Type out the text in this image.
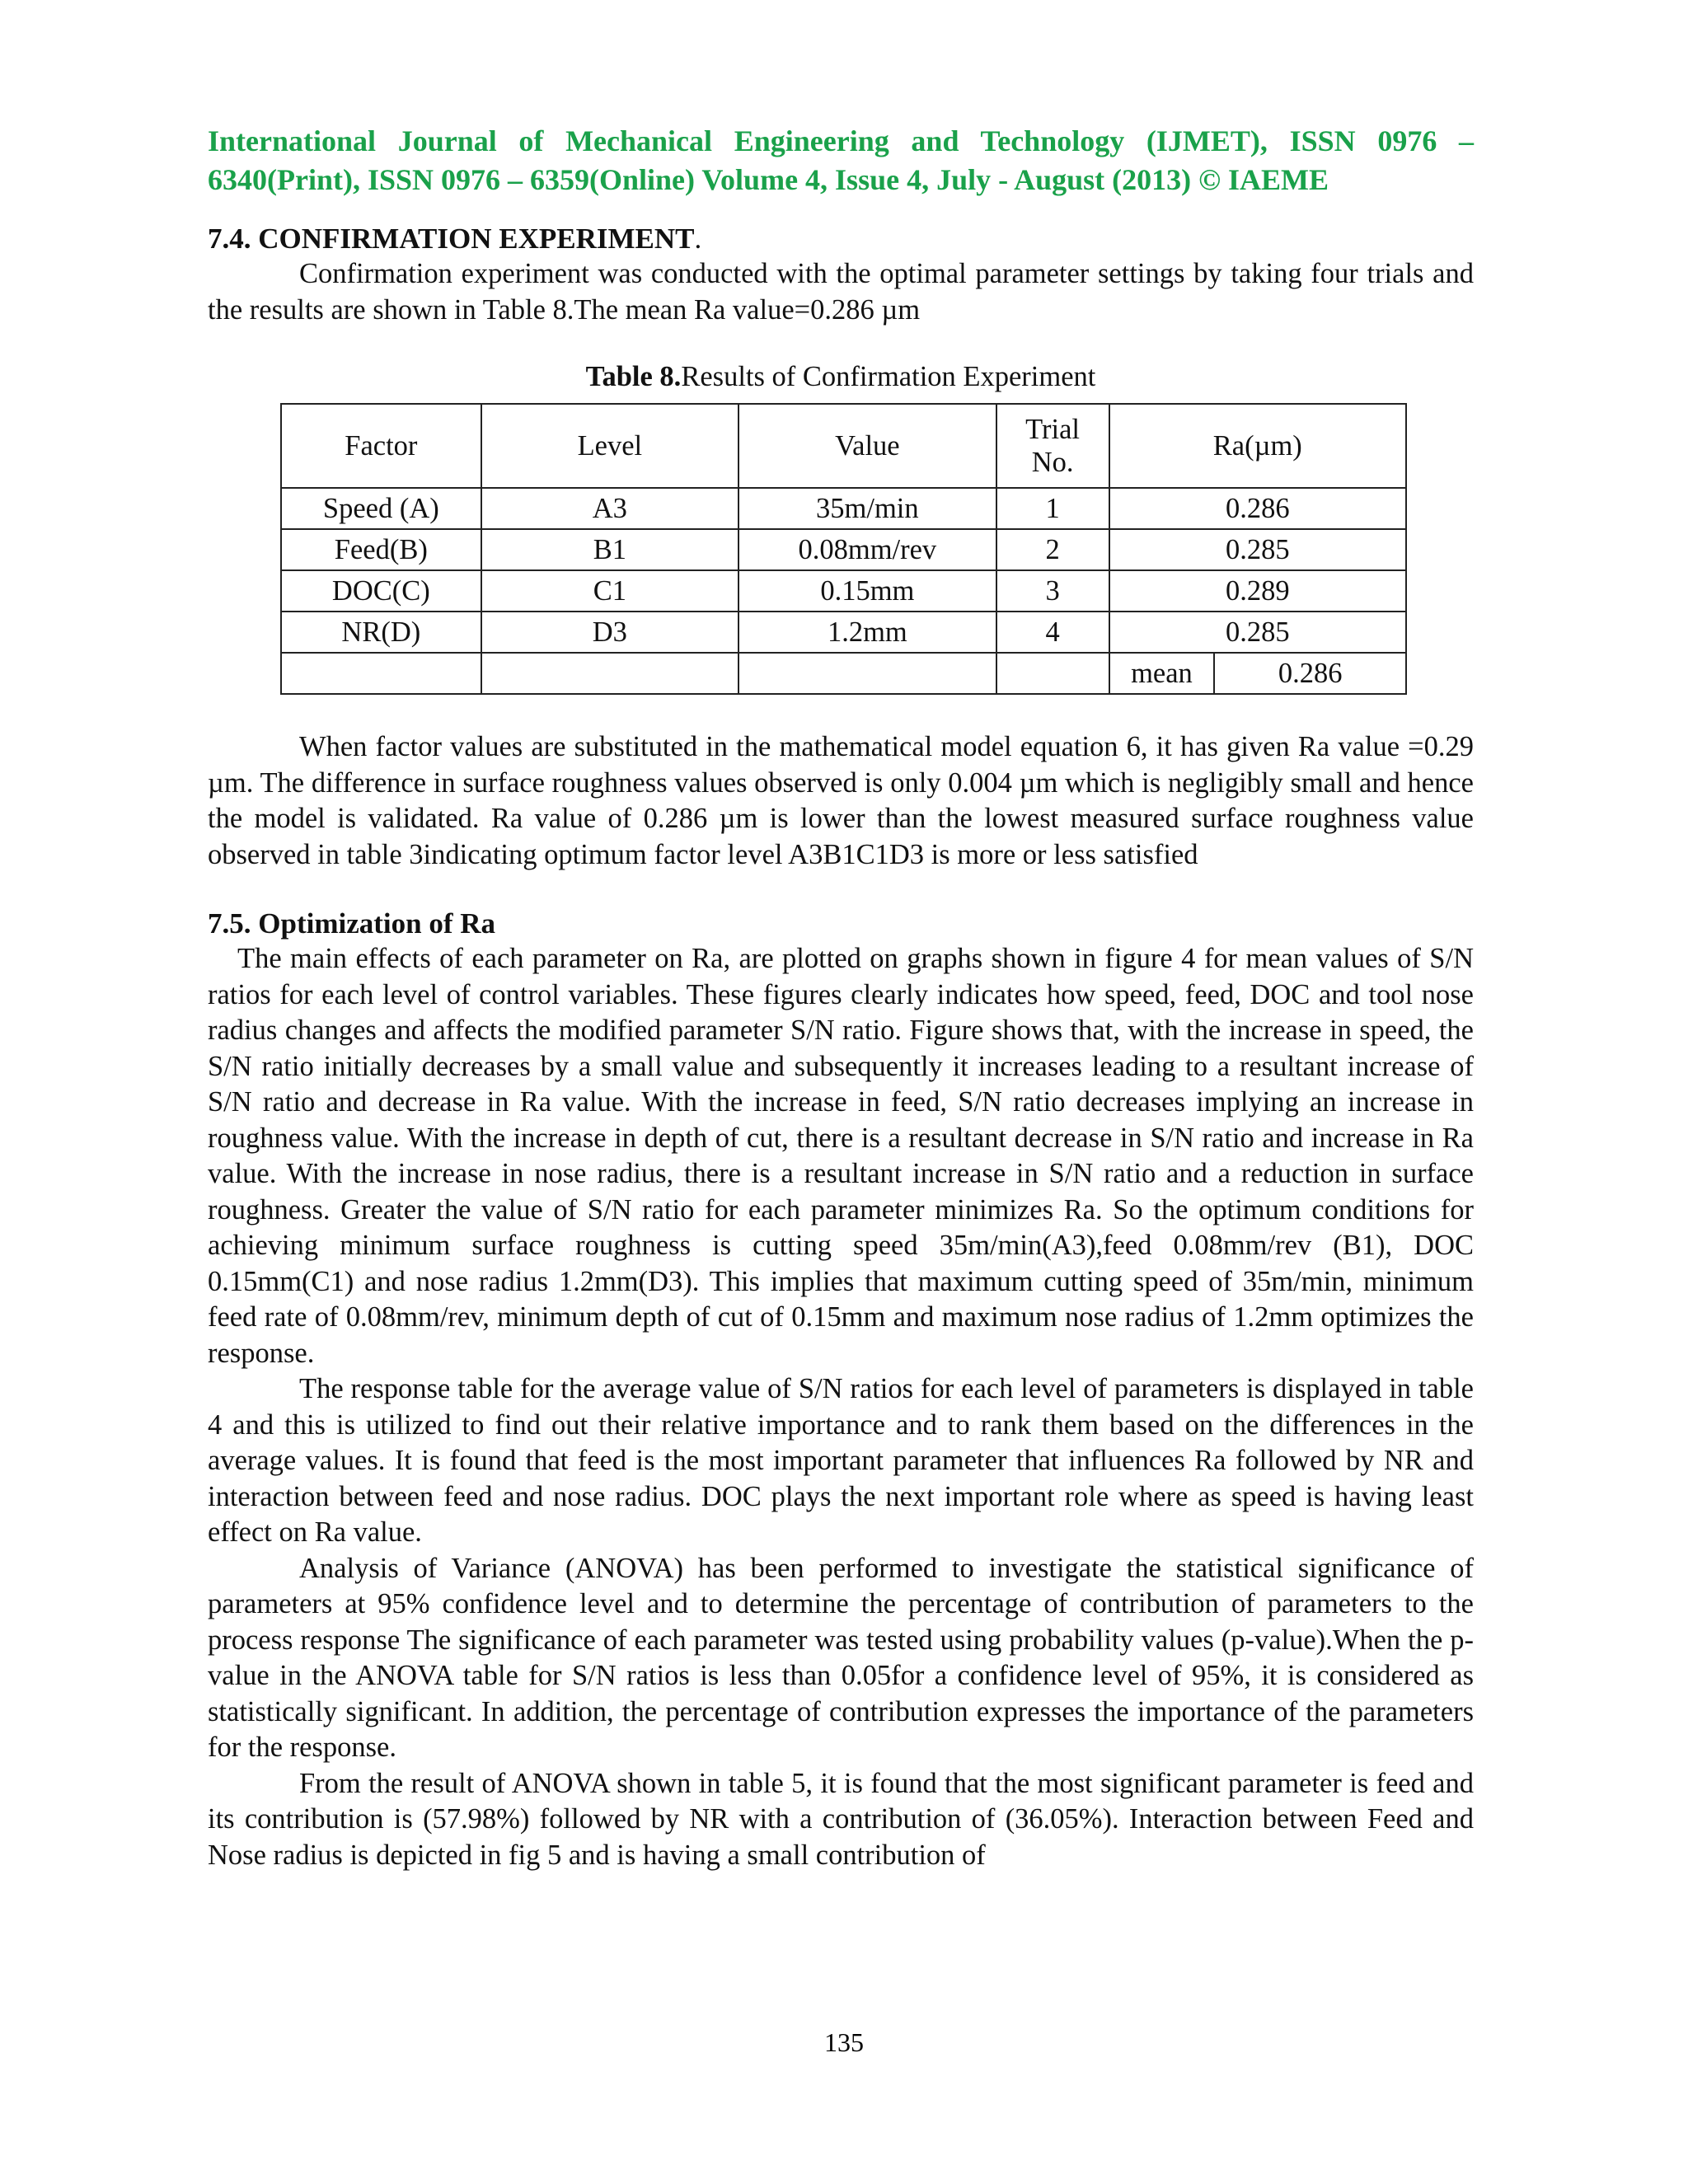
International Journal of Mechanical Engineering and Technology (IJMET), ISSN 0976 – 6340(Print), ISSN 0976 – 6359(Online) Volume 4, Issue 4, July - August (2013) © IAEME

7.4. CONFIRMATION EXPERIMENT.

Confirmation experiment was conducted with the optimal parameter settings by taking four trials and the results are shown in Table 8.The mean Ra value=0.286 µm

Table 8.Results of Confirmation Experiment

Factor	Level	Value	Trial No.	Ra(µm)	
Speed (A)	A3	35m/min	1	0.286	
Feed(B)	B1	0.08mm/rev	2	0.285	
DOC(C)	C1	0.15mm	3	0.289	
NR(D)	D3	1.2mm	4	0.285	
				mean	0.286

When factor values are substituted in the mathematical model equation 6, it has given Ra value =0.29 µm. The difference in surface roughness values observed is only 0.004 µm which is negligibly small and hence the model is validated. Ra value of 0.286 µm is lower than the lowest measured surface roughness value observed in table 3indicating optimum factor level A3B1C1D3 is more or less satisfied

7.5. Optimization of Ra

The main effects of each parameter on Ra, are plotted on graphs shown in figure 4 for mean values of S/N ratios for each level of control variables. These figures clearly indicates how speed, feed, DOC and tool nose radius changes and affects the modified parameter S/N ratio. Figure shows that, with the increase in speed, the S/N ratio initially decreases by a small value and subsequently it increases leading to a resultant increase of S/N ratio and decrease in Ra value. With the increase in feed, S/N ratio decreases implying an increase in roughness value. With the increase in depth of cut, there is a resultant decrease in S/N ratio and increase in Ra value. With the increase in nose radius, there is a resultant increase in S/N ratio and a reduction in surface roughness. Greater the value of S/N ratio for each parameter minimizes Ra. So the optimum conditions for achieving minimum surface roughness is cutting speed 35m/min(A3),feed 0.08mm/rev (B1), DOC 0.15mm(C1) and nose radius 1.2mm(D3). This implies that maximum cutting speed of 35m/min, minimum feed rate of 0.08mm/rev, minimum depth of cut of 0.15mm and maximum nose radius of 1.2mm optimizes the response.

The response table for the average value of S/N ratios for each level of parameters is displayed in table 4 and this is utilized to find out their relative importance and to rank them based on the differences in the average values. It is found that feed is the most important parameter that influences Ra followed by NR and interaction between feed and nose radius. DOC plays the next important role where as speed is having least effect on Ra value.

Analysis of Variance (ANOVA) has been performed to investigate the statistical significance of parameters at 95% confidence level and to determine the percentage of contribution of parameters to the process response The significance of each parameter was tested using probability values (p-value).When the p-value in the ANOVA table for S/N ratios is less than 0.05for a confidence level of 95%, it is considered as statistically significant. In addition, the percentage of contribution expresses the importance of the parameters for the response.

From the result of ANOVA shown in table 5, it is found that the most significant parameter is feed and its contribution is (57.98%) followed by NR with a contribution of (36.05%). Interaction between Feed and Nose radius is depicted in fig 5 and is having a small contribution of

135
